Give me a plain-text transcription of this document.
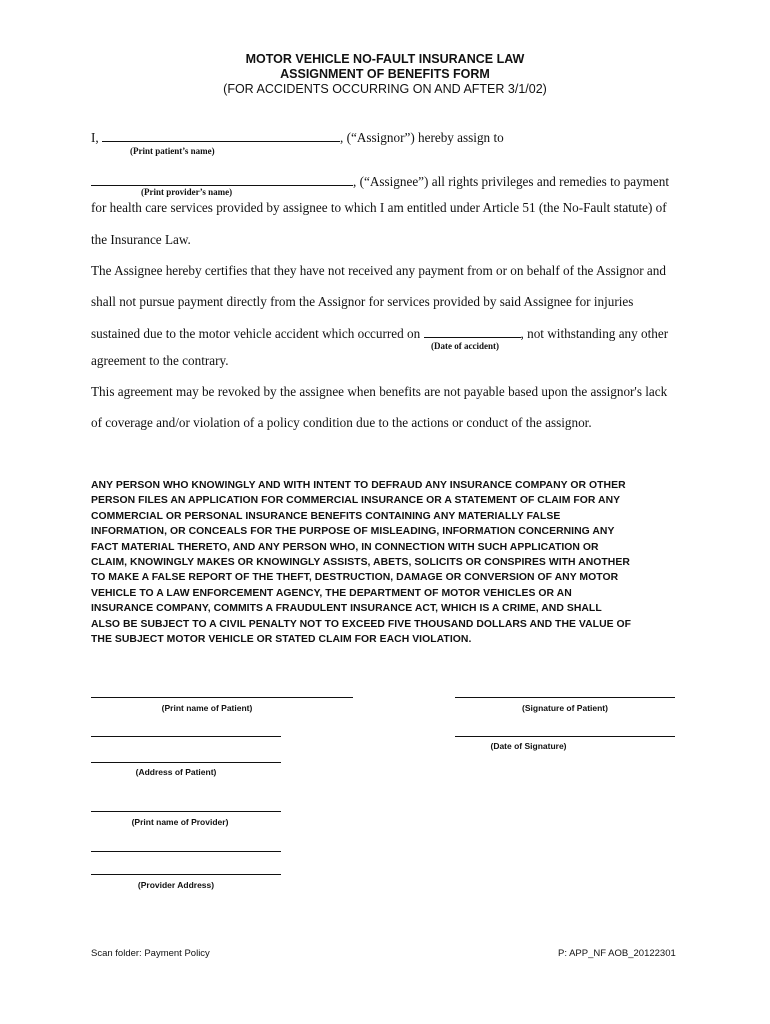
MOTOR VEHICLE NO-FAULT INSURANCE LAW
ASSIGNMENT OF BENEFITS FORM
(FOR ACCIDENTS OCCURRING ON AND AFTER 3/1/02)
I,	, (“Assignor”) hereby assign to
(Print patient’s name)
, (“Assignee”) all rights privileges and remedies to payment
(Print provider’s name)
for health care services provided by assignee to which I am entitled under Article 51 (the No-Fault statute) of
the Insurance Law.
The Assignee hereby certifies that they have not received any payment from or on behalf of the Assignor and
shall not pursue payment directly from the Assignor for services provided by said Assignee for injuries
sustained due to the motor vehicle accident which occurred on	, not withstanding any other
(Date of accident)
agreement to the contrary.
This agreement may be revoked by the assignee when benefits are not payable based upon the assignor's lack
of coverage and/or violation of a policy condition due to the actions or conduct of the assignor.
ANY PERSON WHO KNOWINGLY AND WITH INTENT TO DEFRAUD ANY INSURANCE COMPANY OR OTHER
PERSON FILES AN APPLICATION FOR COMMERCIAL INSURANCE OR A STATEMENT OF CLAIM FOR ANY
COMMERCIAL OR PERSONAL INSURANCE BENEFITS CONTAINING ANY MATERIALLY FALSE
INFORMATION, OR CONCEALS FOR THE PURPOSE OF MISLEADING, INFORMATION CONCERNING ANY
FACT MATERIAL THERETO, AND ANY PERSON WHO, IN CONNECTION WITH SUCH APPLICATION OR
CLAIM, KNOWINGLY MAKES OR KNOWINGLY ASSISTS, ABETS, SOLICITS OR CONSPIRES WITH ANOTHER
TO MAKE A FALSE REPORT OF THE THEFT, DESTRUCTION, DAMAGE OR CONVERSION OF ANY MOTOR
VEHICLE TO A LAW ENFORCEMENT AGENCY, THE DEPARTMENT OF MOTOR VEHICLES OR AN
INSURANCE COMPANY, COMMITS A FRAUDULENT INSURANCE ACT, WHICH IS A CRIME, AND SHALL
ALSO BE SUBJECT TO A CIVIL PENALTY NOT TO EXCEED FIVE THOUSAND DOLLARS AND THE VALUE OF
THE SUBJECT MOTOR VEHICLE OR STATED CLAIM FOR EACH VIOLATION.
(Print name of Patient)	(Signature of Patient)
(Date of Signature)
(Address of Patient)
(Print name of Provider)
(Provider Address)
Scan folder: Payment Policy	P: APP_NF AOB_20122301
